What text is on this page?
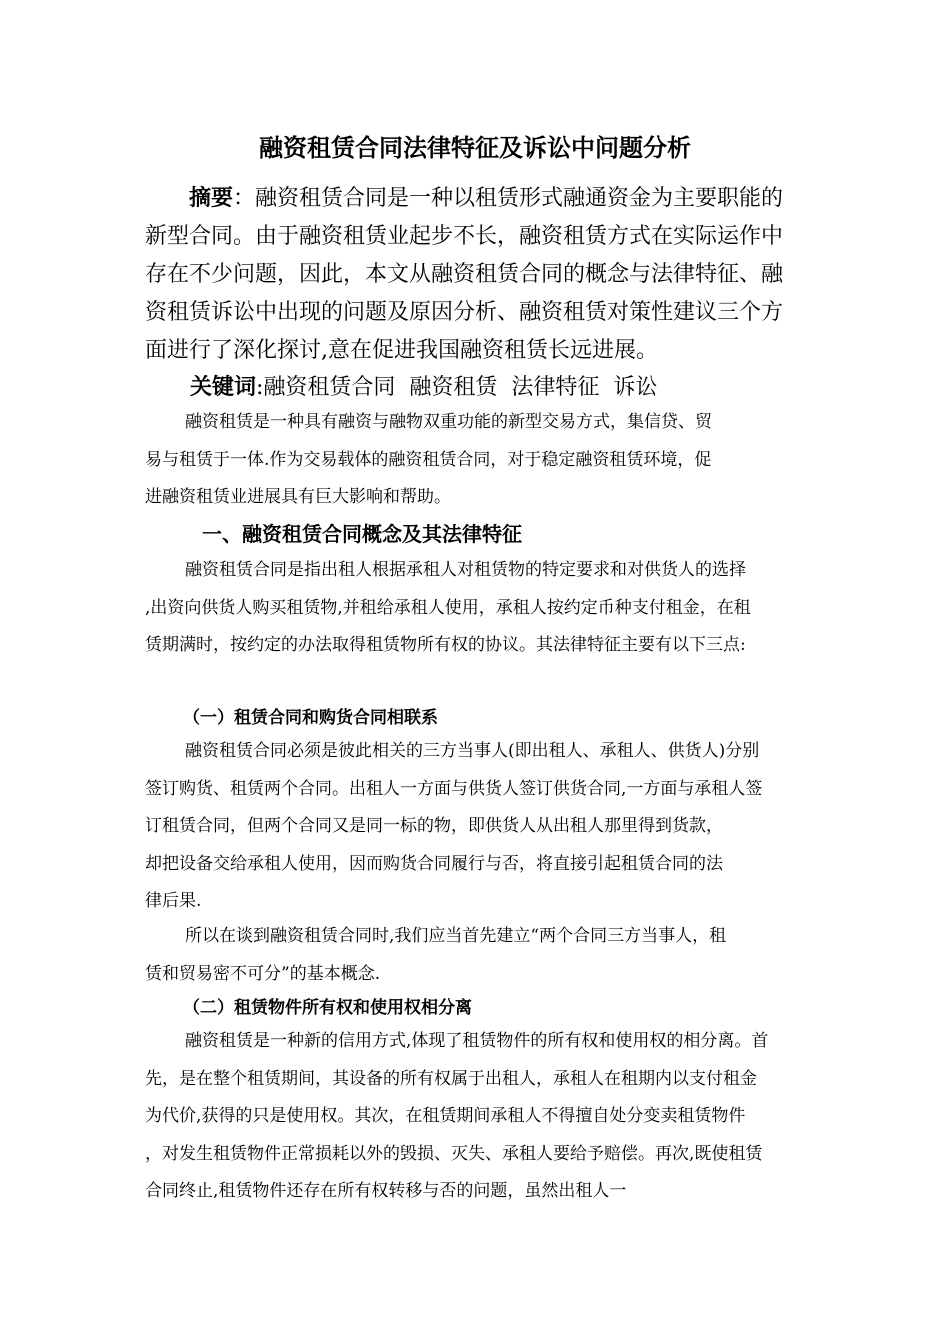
融资租赁合同法律特征及诉讼中问题分析
摘要：融资租赁合同是一种以租赁形式融通资金为主要职能的
新型合同。由于融资租赁业起步不长，融资租赁方式在实际运作中
存在不少问题，因此，本文从融资租赁合同的概念与法律特征、融
资租赁诉讼中出现的问题及原因分析、融资租赁对策性建议三个方
面进行了深化探讨,意在促进我国融资租赁长远进展。
关键词:融资租赁合同  融资租赁  法律特征  诉讼
融资租赁是一种具有融资与融物双重功能的新型交易方式，集信贷、贸
易与租赁于一体.作为交易载体的融资租赁合同，对于稳定融资租赁环境，促
进融资租赁业进展具有巨大影响和帮助。
一、融资租赁合同概念及其法律特征
融资租赁合同是指出租人根据承租人对租赁物的特定要求和对供货人的选择
,出资向供货人购买租赁物,并租给承租人使用，承租人按约定币种支付租金，在租
赁期满时，按约定的办法取得租赁物所有权的协议。其法律特征主要有以下三点:
（一）租赁合同和购货合同相联系
融资租赁合同必须是彼此相关的三方当事人(即出租人、承租人、供货人)分别
签订购货、租赁两个合同。出租人一方面与供货人签订供货合同,一方面与承租人签
订租赁合同，但两个合同又是同一标的物，即供货人从出租人那里得到货款，
却把设备交给承租人使用，因而购货合同履行与否，将直接引起租赁合同的法
律后果.
所以在谈到融资租赁合同时,我们应当首先建立“两个合同三方当事人，租
赁和贸易密不可分”的基本概念.
（二）租赁物件所有权和使用权相分离
融资租赁是一种新的信用方式,体现了租赁物件的所有权和使用权的相分离。首
先，是在整个租赁期间，其设备的所有权属于出租人，承租人在租期内以支付租金
为代价,获得的只是使用权。其次，在租赁期间承租人不得擅自处分变卖租赁物件
，对发生租赁物件正常损耗以外的毁损、灭失、承租人要给予赔偿。再次,既使租赁
合同终止,租赁物件还存在所有权转移与否的问题，虽然出租人一
